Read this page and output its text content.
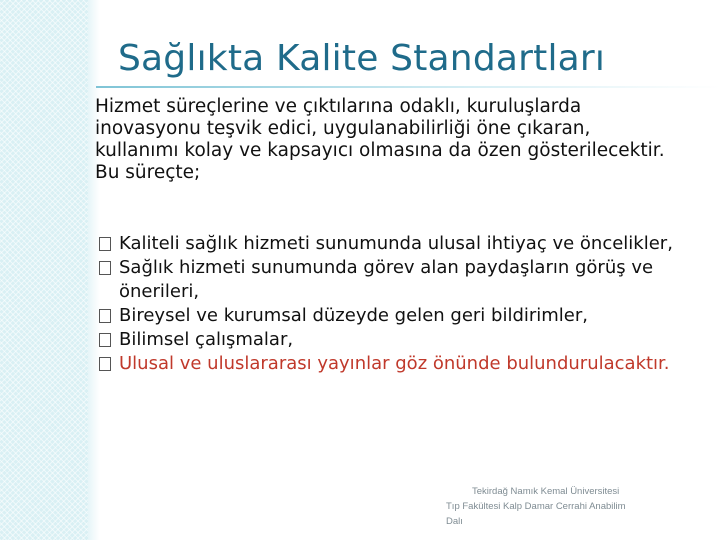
Sağlıkta Kalite Standartları
Hizmet süreçlerine ve çıktılarına odaklı, kuruluşlarda
inovasyonu teşvik edici, uygulanabilirliği öne çıkaran,
kullanımı kolay ve kapsayıcı olmasına da özen gösterilecektir.
Bu süreçte;
Kaliteli sağlık hizmeti sunumunda ulusal ihtiyaç ve öncelikler,
Sağlık hizmeti sunumunda görev alan paydaşların görüş ve önerileri,
Bireysel ve kurumsal düzeyde gelen geri bildirimler,
Bilimsel çalışmalar,
Ulusal ve uluslararası yayınlar göz önünde bulundurulacaktır.
Tekirdağ Namık Kemal Üniversitesi
Tıp Fakültesi Kalp Damar Cerrahi Anabilim
Dalı
